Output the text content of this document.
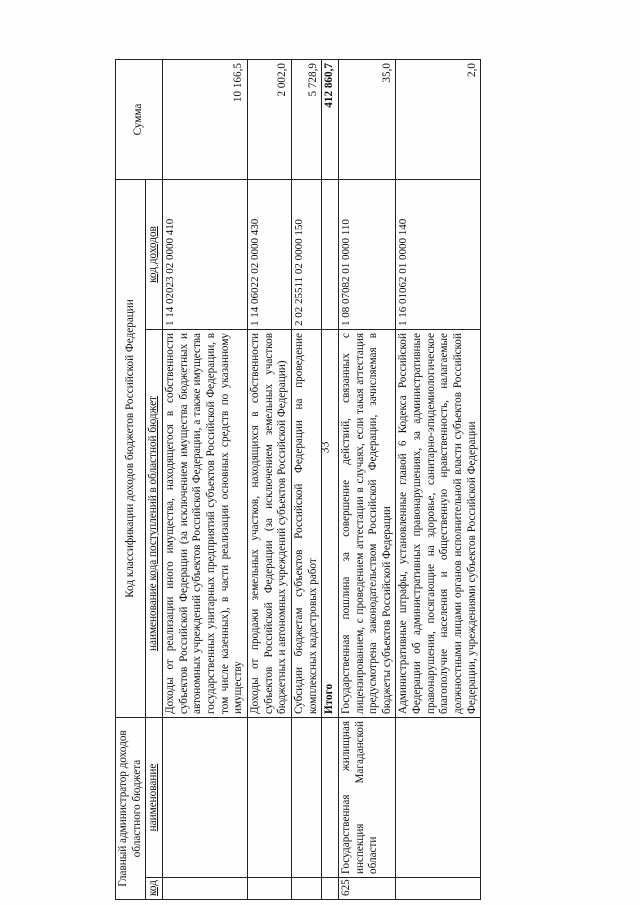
33
Главный администратор доходов областного бюджета		Код классификации доходов бюджетов Российской Федерации		Сумма
код	наименование	наименование кода поступлений в областной бюджет	код доходов	
		Доходы от реализации иного имущества, находящегося в собственности субъектов Российской Федерации (за исключением имущества бюджетных и автономных учреждений субъектов Российской Федерации, а также имущества государственных унитарных предприятий субъектов Российской Федерации, в том числе казенных), в части реализации основных средств по указанному имуществу	1 14 02023 02 0000 410	10 166,5
		Доходы от продажи земельных участков, находящихся в собственности субъектов Российской Федерации (за исключением земельных участков бюджетных и автономных учреждений субъектов Российской Федерации)	1 14 06022 02 0000 430	2 002,0
		Субсидии бюджетам субъектов Российской Федерации на проведение комплексных кадастровых работ	2 02 25511 02 0000 150	5 728,9
		Итого		412 860,7
625	Государственная жилищная инспекция Магаданской области	Государственная пошлина за совершение действий, связанных с лицензированием, с проведением аттестации в случаях, если такая аттестация предусмотрена законодательством Российской Федерации, зачисляемая в бюджеты субъектов Российской Федерации	1 08 07082 01 0000 110	35,0
		Административные штрафы, установленные главой 6 Кодекса Российской Федерации об административных правонарушениях, за административные правонарушения, посягающие на здоровье, санитарно-эпидемиологическое благополучие населения и общественную нравственность, налагаемые должностными лицами органов исполнительной власти субъектов Российской Федерации, учреждениями субъектов Российской Федерации	1 16 01062 01 0000 140	2,0
